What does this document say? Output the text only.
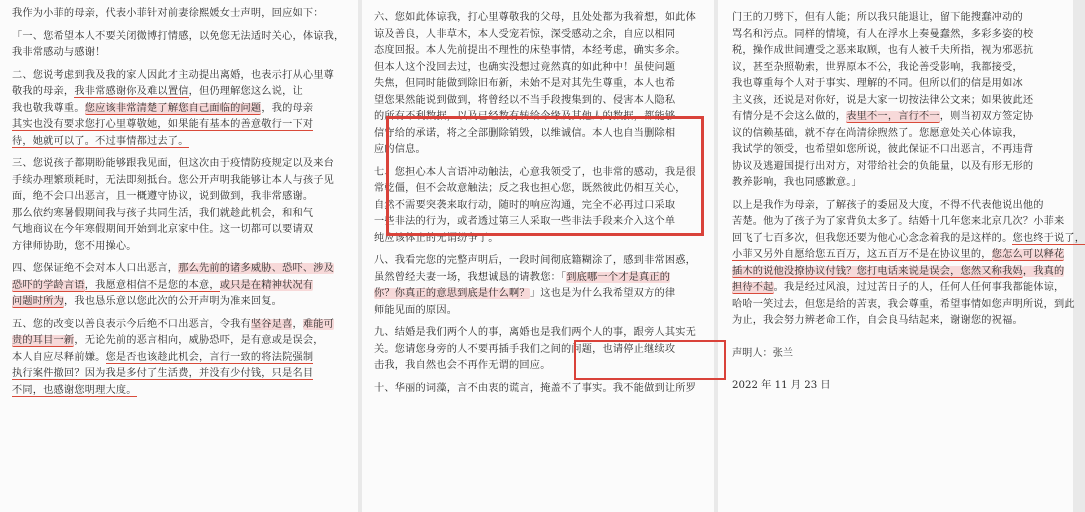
我作为小菲的母亲，代表小菲针对前妻徐熙媛女士声明，回应如下：
「一、您希望本人不要关闭微博打情感，以免您无法适时关心，体谅我，
我非常感动与感谢！
二、您说考虑到我及我的家人因此才主动提出离婚，也表示打从心里尊
敬我的母亲，我非常感谢你及难以置信，但仍理解您这么说，让
我也敬我尊重。您应该非常清楚了解您自己面临的问题，我的母亲
其实也没有要求您打心里尊敬她，如果能有基本的善意敬行一下对
待，她就可以了。不过事情都过去了。
三、您说孩子都期盼能够跟我见面，但这次由于疫情防疫规定以及来台
手续办理繁琐耗时，无法即刻抵台。您公开声明我能够让本人与孩子见
面，绝不会口出恶言，且一概遵守协议，说到做到，我非常感谢。
那么依约寒暑假期间我与孩子共同生活，我们就趁此机会，和和气
气地商议在今年寒假期间开始到北京家中住。这一切都可以要请双
方律师协助，您不用操心。
四、您保证绝不会对本人口出恶言，那么先前的诸多威胁、恐吓、涉及
恐吓的学龄言语，我愿意相信不是您的本意，或只是在精神状况有
问题时所为，我也恳乐意以您此次的公开声明为准来回复。
五、您的改变以善良表示今后绝不口出恶言，令我有坚谷足喜，难能可
贵的耳目一新，无论先前的恶言相向，威胁恐吓，是有意或是误会，
本人自应尽释前嫌。您是否也该趁此机会，言行一致的将法院强制
执行案件撤回？因为我是多付了生活费，并没有少付钱，只是名目
不同，也感谢您明理大度。
六、您如此体谅我，打心里尊敬我的父母，且处处都为我着想，如此体
谅及善良，人非草木，本人受宠若惊，深受感动之余，自应以相同
态度回报。本人先前提出不理性的床垫事情，本经考虑，确实多余。
但本人这个没回去过，也确实没想过竟然真的如此种中！虽使问题
失焦，但同时能做到除旧布新，未始不是对其先生尊重，本人也希
望您果然能说到做到，将曾经以不当手段搜集到的、侵害本人隐私
的所有不利数据，以及已经数有转给今缘及其他人的数据，都能够
信守给的承诺，将之全部删除销毁，以维诚信。本人也自当删除相
应的信息。
七、您担心本人言语冲动触法，心意我领受了，也非常的感动，我是很
常乾僵，但不会故意触法；反之我也担心您，既然彼此仍相互关心，
自然不需要突袭来取行动，随时的响应沟通，完全不必再过口采取
一些非法的行为，或者透过第三人采取一些非法手段来介入这个单
纯应该体止的无谓纷争了。
八、我看完您的完整声明后，一段时间彻底籍糊涂了，感到非常困惑，
虽然曾经夫妻一场，我想诚恳的请教您：「到底哪一个才是真正的
你？你真正的意思到底是什么啊？」这也是为什么我希望双方的律
师能见面的原因。
九、结婚是我们两个人的事，离婚也是我们两个人的事，跟旁人其实无
关。您请您身旁的人不要再插手我们之间的问题，也请停止继续攻
击我，我自然也会不再作无谓的回应。
十、华丽的词藻，言不由衷的谎言，掩盖不了事实。我不能做到让所罗
门王的刀劈下，但有人能；所以我只能退让，留下能搜蠢冲动的
骂名和污点。同样的情境，有人在浮水上奏曼蠢然，多彩多姿的校
税，操作成世间遭受之恶来取顾，也有人被千夫所指，视为邪恶抗
议，甚至杂照勒索，世界原本不公，我论善受影响，我都接受，
我也尊重每个人对于事实、理解的不同。但所以们的信是用如冰
主义孩，还说是对你好，说是大家一切按法律公文来；如果彼此还
有情分是不会这么做的，表里不一，言行不一，则当初双方签定协
议的信赖基础，就不存在尚清徐煦然了。您愿意处关心体谅我，
我试学的领受，也希望如您所说，彼此保证不口出恶言，不再违背
协议及逃避国提行出对方，对带给社会的负能量，以及有形无形的
教养影响，我也同感歉意。」
以上是我作为母亲，了解孩子的委屈及大度，不得不代表他说出他的
苦楚。他为了孩子为了家背负太多了。结婚十几年您来北京几次？小菲来
回飞了七百多次，但我您还要为他心心念念着我的是这样的。您也终于说了，
小菲又另外自愿给您五百万，这五百万不是在协议里的，您怎么可以释花
插木的说他没撩协议付钱？您打电话来说是误会，您然又称我妈，我真的
担待不起。我是经过风浪，过过苦日子的人，任何人任何事我都能体谅，
哈哈一笑过去，但您是给的苦衷，我会尊重，希望事情如您声明所说，到此
为止，我会努力辨老命工作，自会良马结起来，谢谢您的祝福。
声明人：张兰
2022 年 11 月 23 日
